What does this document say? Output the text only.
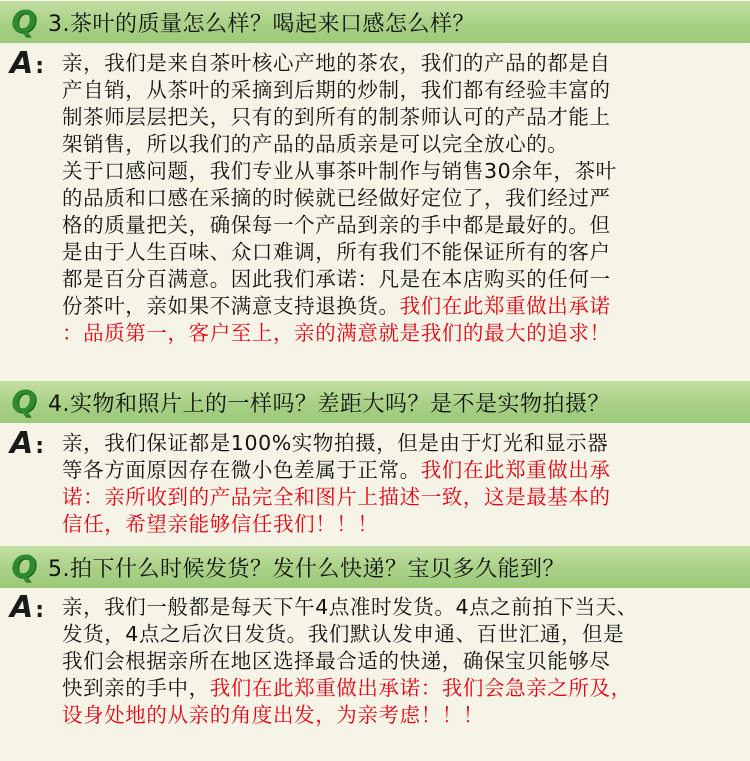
Q 3.茶叶的质量怎么样？喝起来口感怎么样？
A: 亲，我们是来自茶叶核心产地的茶农，我们的产品的都是自
产自销，从茶叶的采摘到后期的炒制，我们都有经验丰富的
制茶师层层把关，只有的到所有的制茶师认可的产品才能上
架销售，所以我们的产品的品质亲是可以完全放心的。
关于口感问题，我们专业从事茶叶制作与销售30余年，茶叶
的品质和口感在采摘的时候就已经做好定位了，我们经过严
格的质量把关，确保每一个产品到亲的手中都是最好的。但
是由于人生百味、众口难调，所有我们不能保证所有的客户
都是百分百满意。因此我们承诺：凡是在本店购买的任何一
份茶叶，亲如果不满意支持退换货。我们在此郑重做出承诺
：品质第一，客户至上，亲的满意就是我们的最大的追求！
Q 4.实物和照片上的一样吗？差距大吗？是不是实物拍摄？
A: 亲，我们保证都是100%实物拍摄，但是由于灯光和显示器
等各方面原因存在微小色差属于正常。我们在此郑重做出承
诺：亲所收到的产品完全和图片上描述一致，这是最基本的
信任，希望亲能够信任我们！！！
Q 5.拍下什么时候发货？发什么快递？宝贝多久能到？
A: 亲，我们一般都是每天下午4点准时发货。4点之前拍下当天、
发货，4点之后次日发货。我们默认发申通、百世汇通，但是
我们会根据亲所在地区选择最合适的快递，确保宝贝能够尽
快到亲的手中，我们在此郑重做出承诺：我们会急亲之所及，
设身处地的从亲的角度出发，为亲考虑！！！
